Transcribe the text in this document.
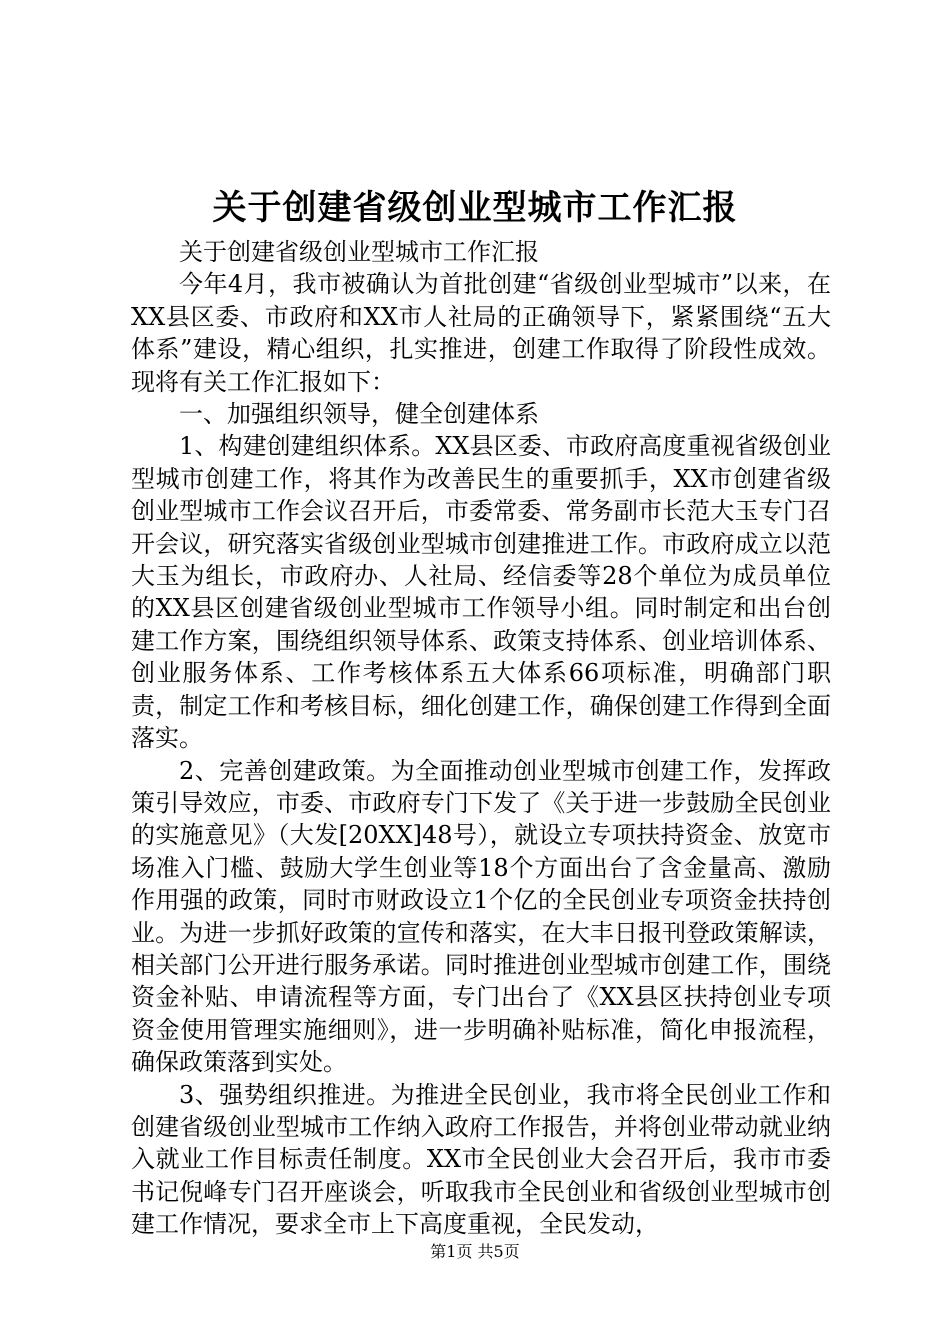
关于创建省级创业型城市工作汇报

关于创建省级创业型城市工作汇报

今年4月，我市被确认为首批创建“省级创业型城市”以来，在XX县区委、市政府和XX市人社局的正确领导下，紧紧围绕“五大体系”建设，精心组织，扎实推进，创建工作取得了阶段性成效。现将有关工作汇报如下：

一、加强组织领导，健全创建体系

1、构建创建组织体系。XX县区委、市政府高度重视省级创业型城市创建工作，将其作为改善民生的重要抓手，XX市创建省级创业型城市工作会议召开后，市委常委、常务副市长范大玉专门召开会议，研究落实省级创业型城市创建推进工作。市政府成立以范大玉为组长，市政府办、人社局、经信委等28个单位为成员单位的XX县区创建省级创业型城市工作领导小组。同时制定和出台创建工作方案，围绕组织领导体系、政策支持体系、创业培训体系、创业服务体系、工作考核体系五大体系66项标准，明确部门职责，制定工作和考核目标，细化创建工作，确保创建工作得到全面落实。

2、完善创建政策。为全面推动创业型城市创建工作，发挥政策引导效应，市委、市政府专门下发了《关于进一步鼓励全民创业的实施意见》（大发[20XX]48号），就设立专项扶持资金、放宽市场准入门槛、鼓励大学生创业等18个方面出台了含金量高、激励作用强的政策，同时市财政设立1个亿的全民创业专项资金扶持创业。为进一步抓好政策的宣传和落实，在大丰日报刊登政策解读，相关部门公开进行服务承诺。同时推进创业型城市创建工作，围绕资金补贴、申请流程等方面，专门出台了《XX县区扶持创业专项资金使用管理实施细则》，进一步明确补贴标准，简化申报流程，确保政策落到实处。

3、强势组织推进。为推进全民创业，我市将全民创业工作和创建省级创业型城市工作纳入政府工作报告，并将创业带动就业纳入就业工作目标责任制度。XX市全民创业大会召开后，我市市委书记倪峰专门召开座谈会，听取我市全民创业和省级创业型城市创建工作情况，要求全市上下高度重视，全民发动，

第1页 共5页
